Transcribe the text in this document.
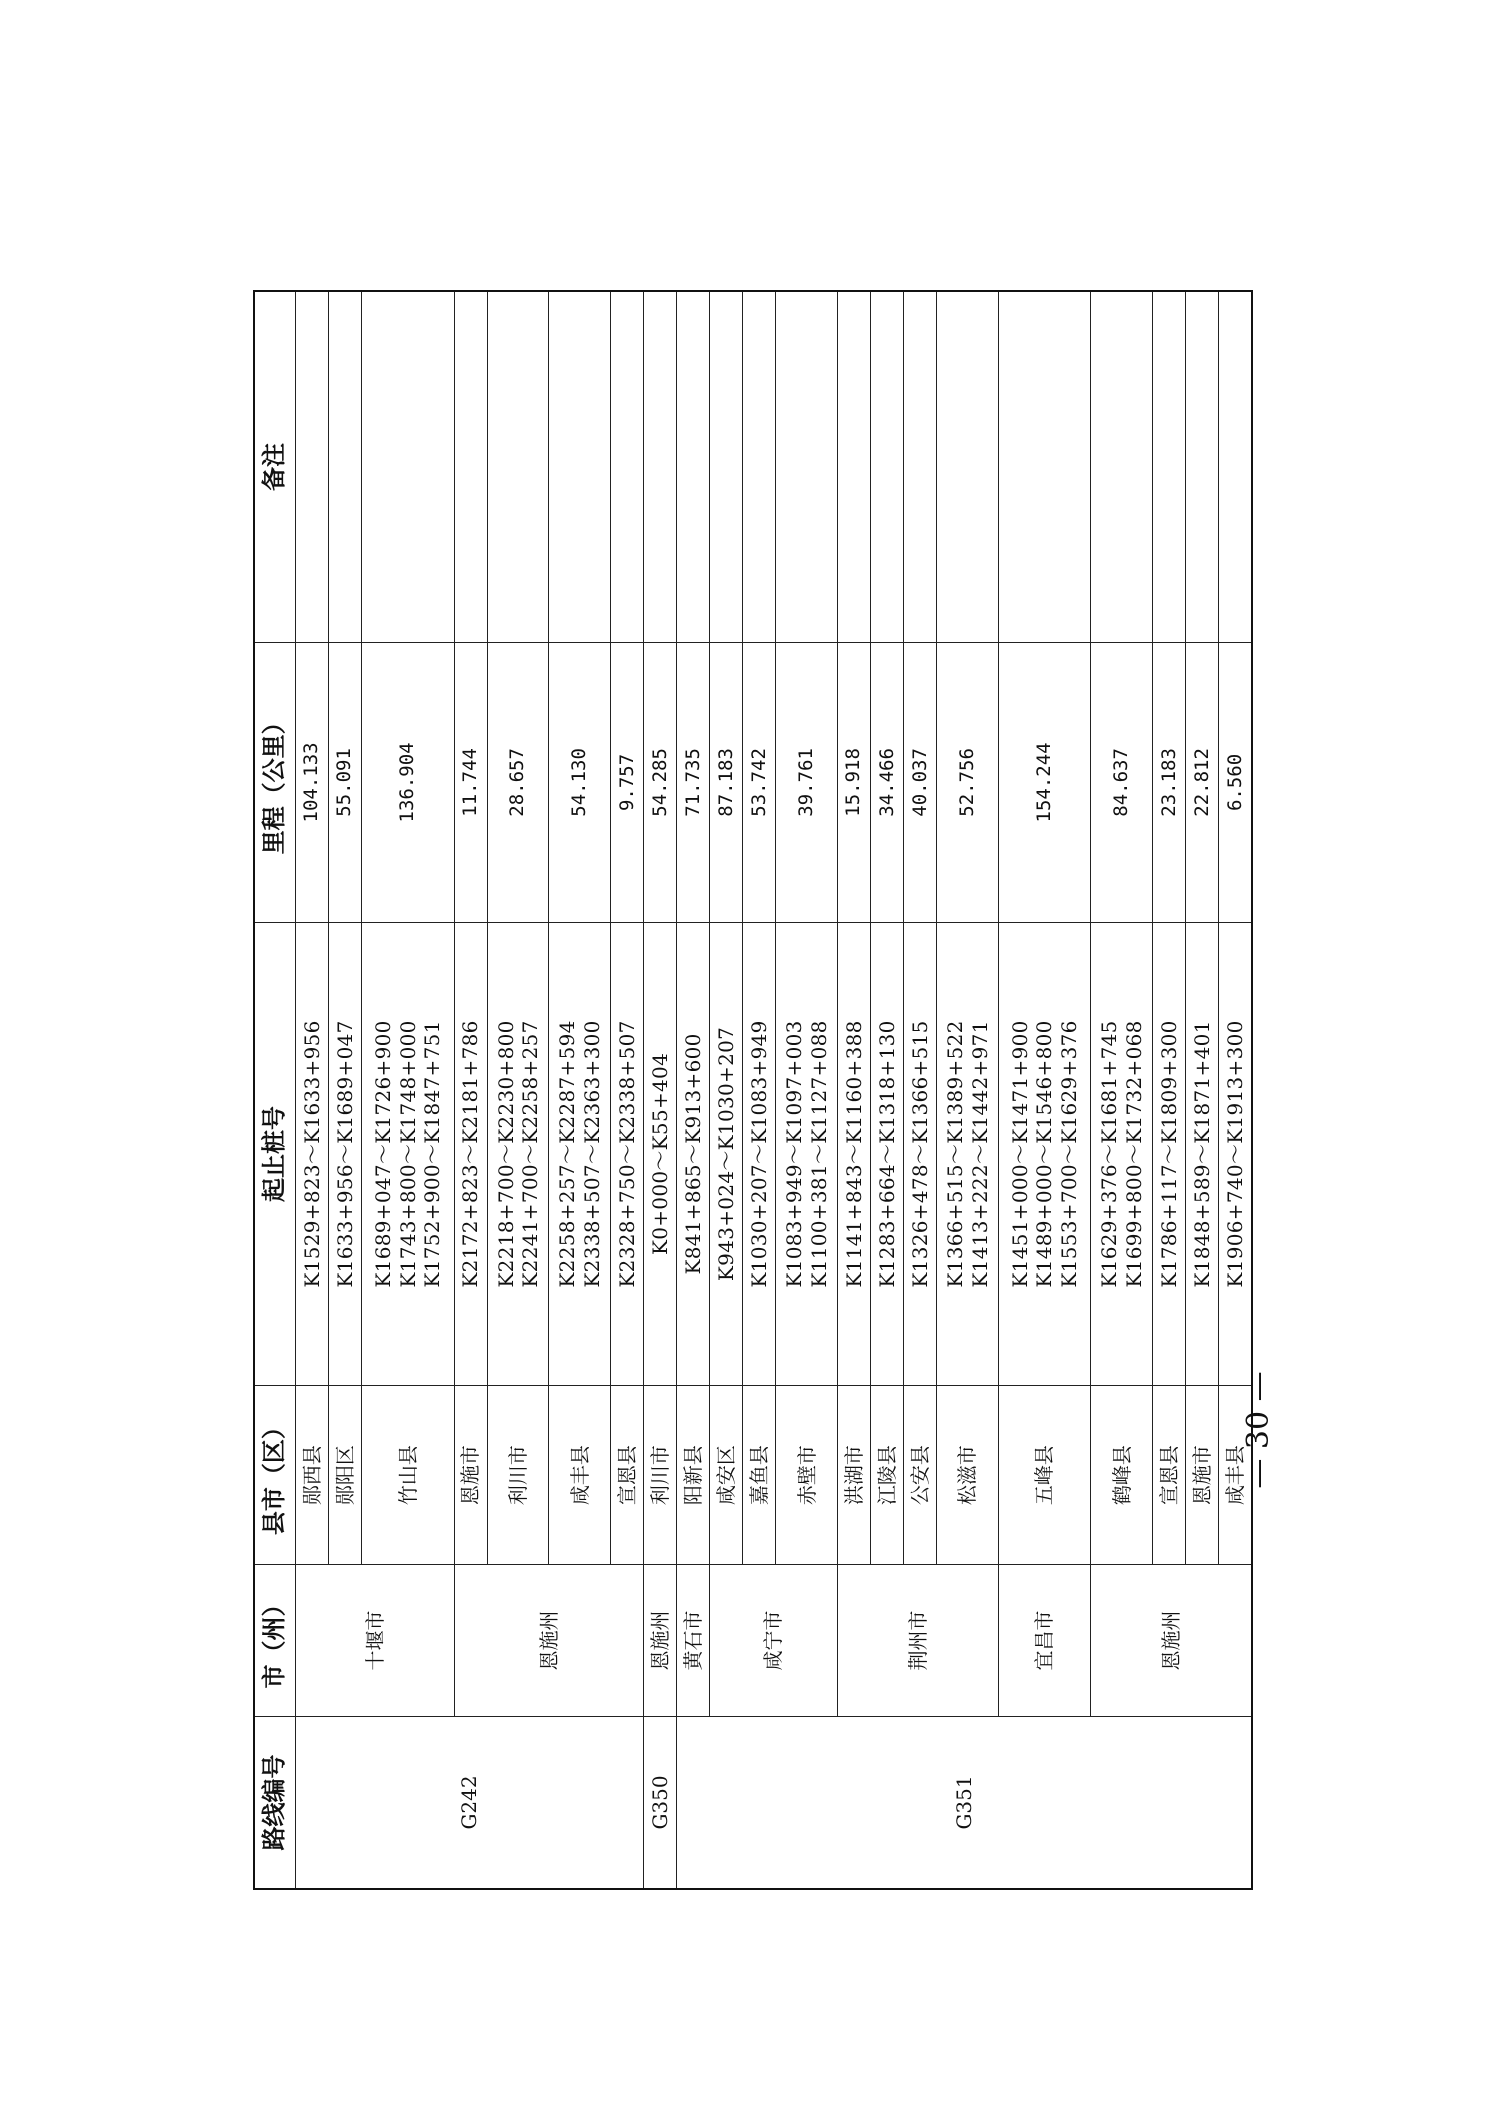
路线编号	市（州）	县市（区）	起止桩号	里程（公里）	备注
G242	十堰市	郧西县	K1529+823～K1633+956	104.133	
		郧阳区	K1633+956～K1689+047	55.091	
		竹山县	K1689+047～K1726+900 K1743+800～K1748+000 K1752+900～K1847+751	136.904	
	恩施州	恩施市	K2172+823～K2181+786	11.744	
		利川市	K2218+700～K2230+800 K2241+700～K2258+257	28.657	
		咸丰县	K2258+257～K2287+594 K2338+507～K2363+300	54.130	
		宣恩县	K2328+750～K2338+507	9.757	
G350	恩施州	利川市	K0+000～K55+404	54.285	
G351	黄石市	阳新县	K841+865～K913+600	71.735	
	咸宁市	咸安区	K943+024～K1030+207	87.183	
		嘉鱼县	K1030+207～K1083+949	53.742	
		赤壁市	K1083+949～K1097+003 K1100+381～K1127+088	39.761	
	荆州市	洪湖市	K1141+843～K1160+388	15.918	
		江陵县	K1283+664～K1318+130	34.466	
		公安县	K1326+478～K1366+515	40.037	
		松滋市	K1366+515～K1389+522 K1413+222～K1442+971	52.756	
	宜昌市	五峰县	K1451+000～K1471+900 K1489+000～K1546+800 K1553+700～K1629+376	154.244	
	恩施州	鹤峰县	K1629+376～K1681+745 K1699+800～K1732+068	84.637	
		宣恩县	K1786+117～K1809+300	23.183	
		恩施市	K1848+589～K1871+401	22.812	
		咸丰县	K1906+740～K1913+300	6.560	
— 30 —
